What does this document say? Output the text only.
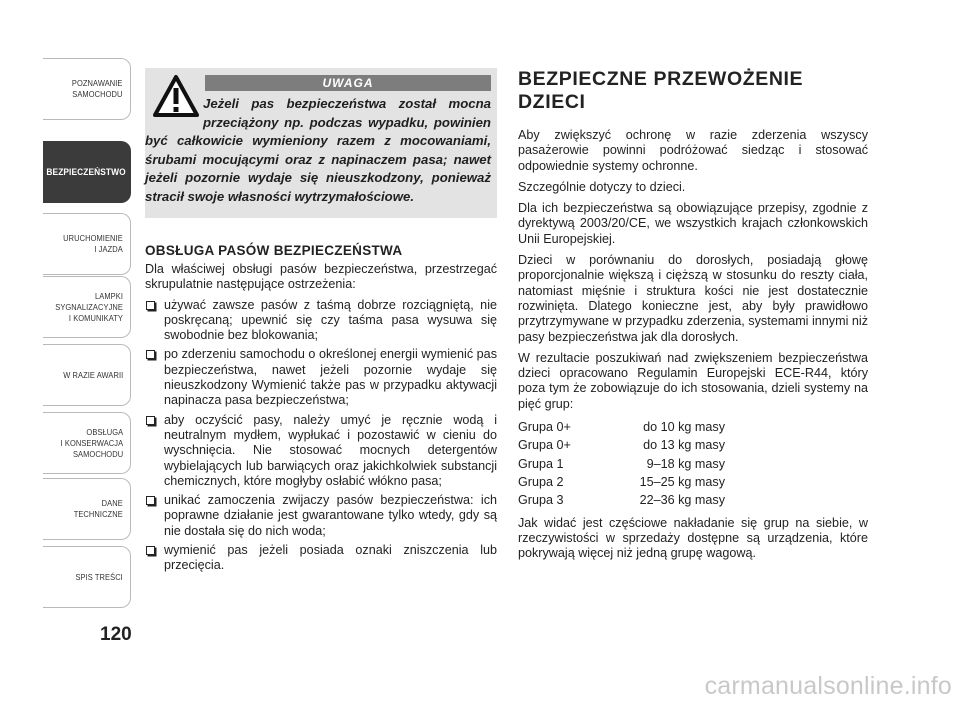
POZNAWANIE
SAMOCHODU
BEZPIECZEŃSTWO
URUCHOMIENIE
I JAZDA
LAMPKI
SYGNALIZACYJNE
I KOMUNIKATY
W RAZIE AWARII
OBSŁUGA
I KONSERWACJA
SAMOCHODU
DANE
TECHNICZNE
SPIS TREŚCI
120
UWAGA
Jeżeli pas bezpieczeństwa został mocna przeciążony np. podczas wypadku, powinien być całkowicie wymieniony razem z mocowaniami, śrubami mocującymi oraz z napinaczem pasa; nawet jeżeli pozornie wydaje się nieuszkodzony, ponieważ stracił swoje własności wytrzymałościowe.
OBSŁUGA PASÓW BEZPIECZEŃSTWA

Dla właściwej obsługi pasów bezpieczeństwa, przestrzegać skrupulatnie następujące ostrzeżenia:

używać zawsze pasów z taśmą dobrze rozciągniętą, nie poskręcaną; upewnić się czy taśma pasa wysuwa się swobodnie bez blokowania;
po zderzeniu samochodu o określonej energii wymienić pas bezpieczeństwa, nawet jeżeli pozornie wydaje się nieuszkodzony Wymienić także pas w przypadku aktywacji napinacza pasa bezpieczeństwa;
aby oczyścić pasy, należy umyć je ręcznie wodą i neutralnym mydłem, wypłukać i pozostawić w cieniu do wyschnięcia. Nie stosować mocnych detergentów wybielających lub barwiących oraz jakichkolwiek substancji chemicznych, które mogłyby osłabić włókno pasa;
unikać zamoczenia zwijaczy pasów bezpieczeństwa: ich poprawne działanie jest gwarantowane tylko wtedy, gdy są nie dostała się do nich woda;
wymienić pas jeżeli posiada oznaki zniszczenia lub przecięcia.
BEZPIECZNE PRZEWOŻENIE DZIECI

Aby zwiększyć ochronę w razie zderzenia wszyscy pasażerowie powinni podróżować siedząc i stosować odpowiednie systemy ochronne.

Szczególnie dotyczy to dzieci.

Dla ich bezpieczeństwa są obowiązujące przepisy, zgodnie z dyrektywą 2003/20/CE, we wszystkich krajach członkowskich Unii Europejskiej.

Dzieci w porównaniu do dorosłych, posiadają głowę proporcjonalnie większą i cięższą w stosunku do reszty ciała, natomiast mięśnie i struktura kości nie jest dostatecznie rozwinięta. Dlatego konieczne jest, aby były prawidłowo przytrzymywane w przypadku zderzenia, systemami innymi niż pasy bezpieczeństwa jak dla dorosłych.

W rezultacie poszukiwań nad zwiększeniem bezpieczeństwa dzieci opracowano Regulamin Europejski ECE-R44, który poza tym że zobowiązuje do ich stosowania, dzieli systemy na pięć grup:

Grupa 0+	do 10 kg masy
Grupa 0+	do 13 kg masy
Grupa 1	9–18 kg masy
Grupa 2	15–25 kg masy
Grupa 3	22–36 kg masy

Jak widać jest częściowe nakładanie się grup na siebie, w rzeczywistości w sprzedaży dostępne są urządzenia, które pokrywają więcej niż jedną grupę wagową.

carmanualsonline.info
